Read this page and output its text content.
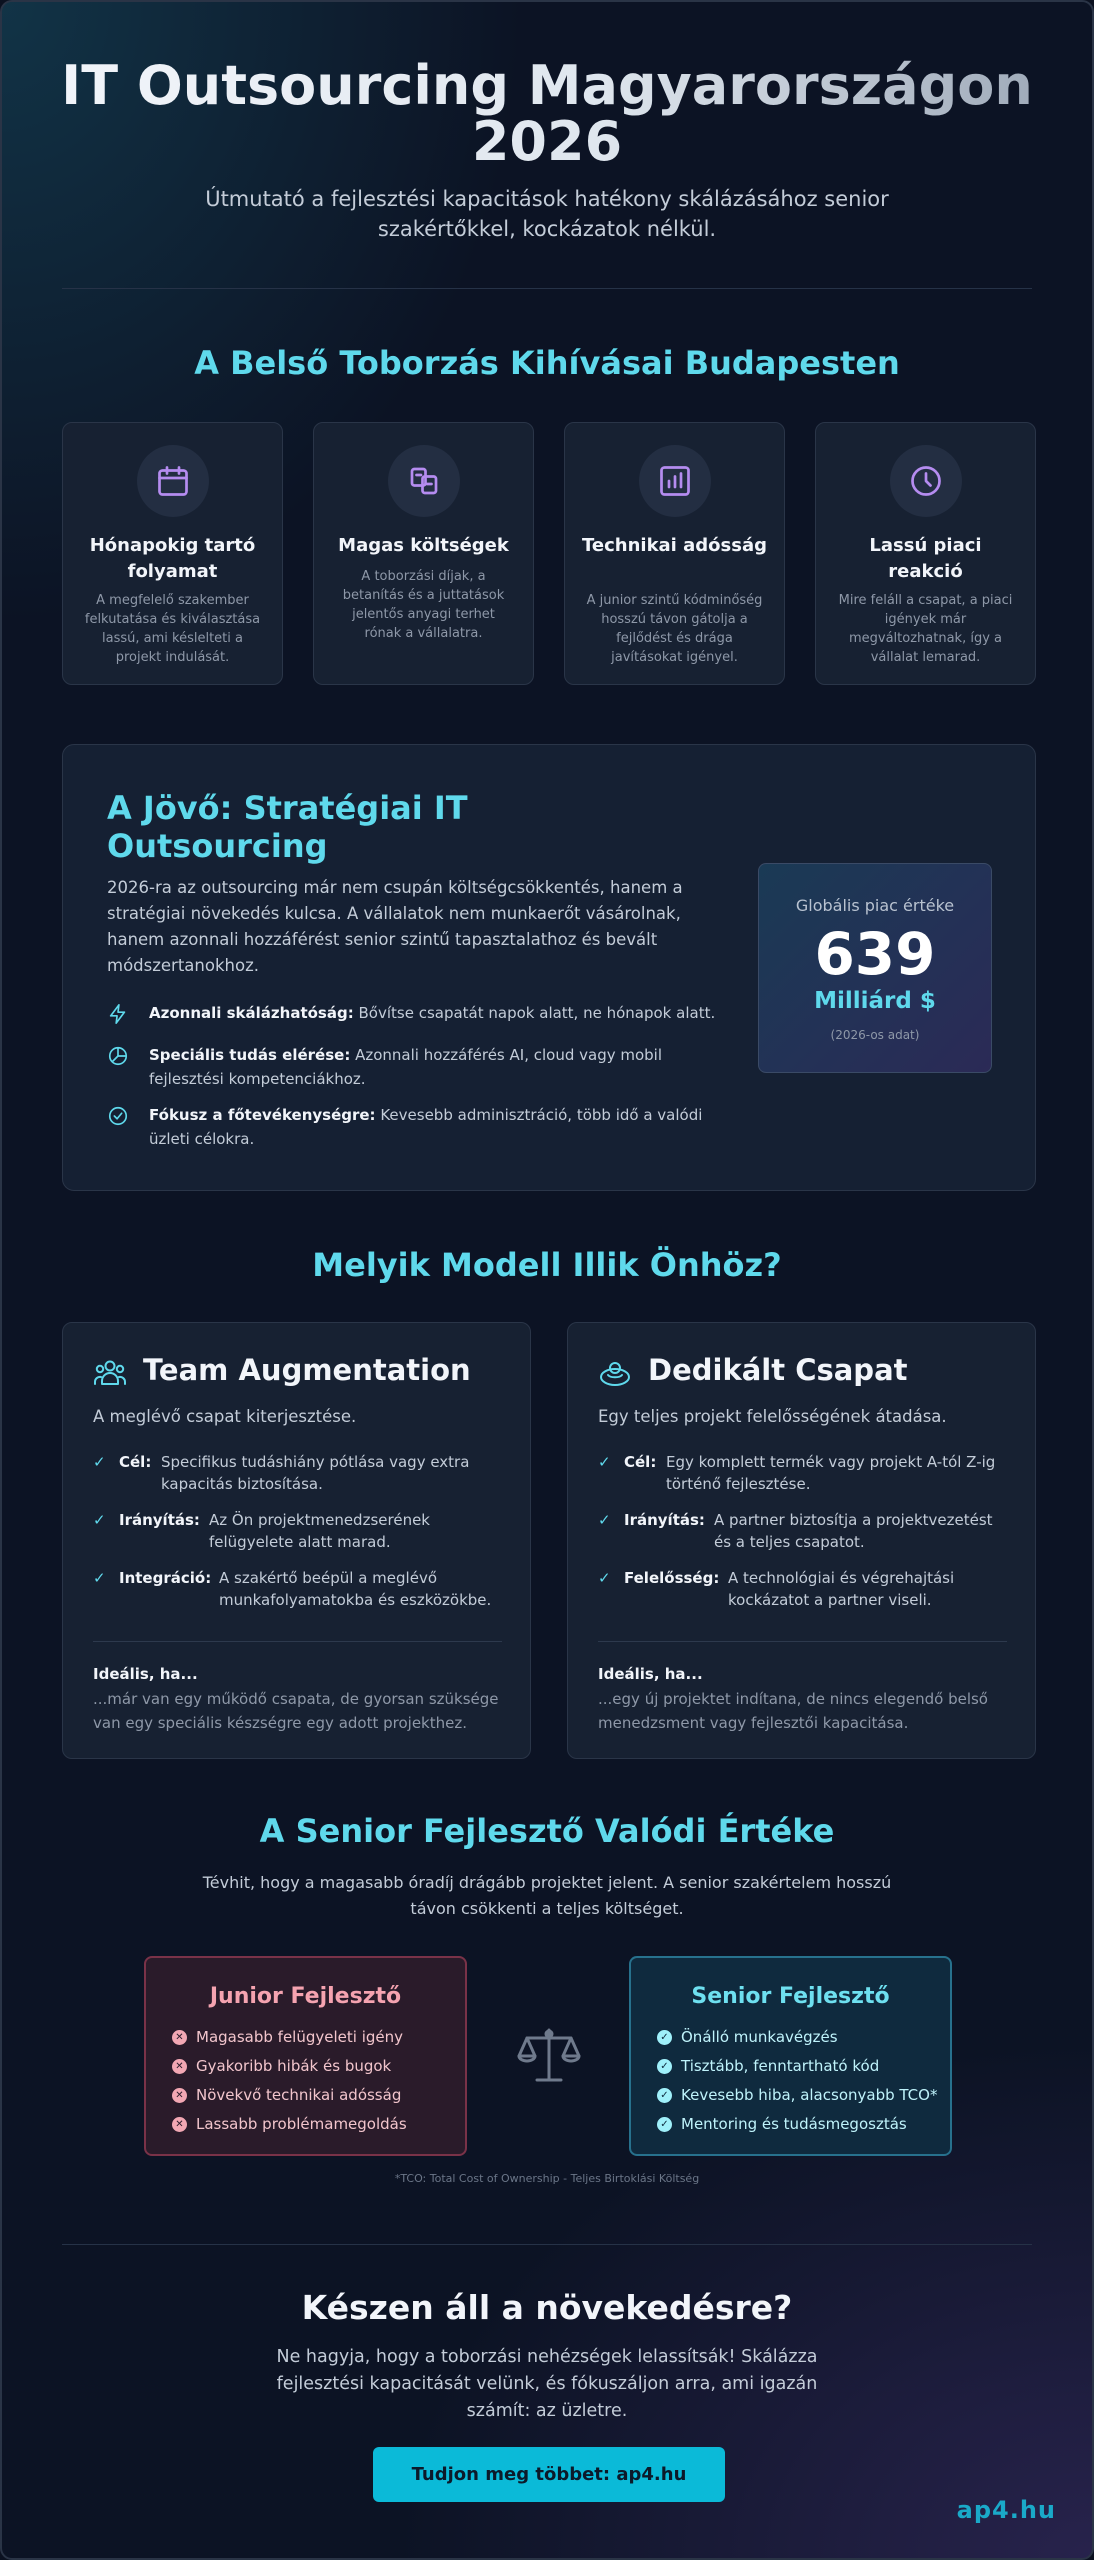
IT Outsourcing Magyarországon 2026

Útmutató a fejlesztési kapacitások hatékony skálázásához senior szakértőkkel, kockázatok nélkül.

A Belső Toborzás Kihívásai Budapesten
Hónapokig tartó folyamat
A megfelelő szakember felkutatása és kiválasztása lassú, ami késlelteti a projekt indulását.
Magas költségek
A toborzási díjak, a betanítás és a juttatások jelentős anyagi terhet rónak a vállalatra.
Technikai adósság
A junior szintű kódminőség hosszú távon gátolja a fejlődést és drága javításokat igényel.
Lassú piaci reakció
Mire feláll a csapat, a piaci igények már megváltozhatnak, így a vállalat lemarad.
A Jövő: Stratégiai IT Outsourcing

2026-ra az outsourcing már nem csupán költségcsökkentés, hanem a stratégiai növekedés kulcsa. A vállalatok nem munkaerőt vásárolnak, hanem azonnali hozzáférést senior szintű tapasztalathoz és bevált módszertanokhoz.

Azonnali skálázhatóság: Bővítse csapatát napok alatt, ne hónapok alatt.
Speciális tudás elérése: Azonnali hozzáférés AI, cloud vagy mobil fejlesztési kompetenciákhoz.
Fókusz a főtevékenységre: Kevesebb adminisztráció, több idő a valódi üzleti célokra.
Globális piac értéke
639
Milliárd $
(2026-os adat)
Melyik Modell Illik Önhöz?
Team Augmentation
A meglévő csapat kiterjesztése.
✓ Cél: Specifikus tudáshiány pótlása vagy extra kapacitás biztosítása.
✓ Irányítás: Az Ön projektmenedzserének felügyelete alatt marad.
✓ Integráció: A szakértő beépül a meglévő munkafolyamatokba és eszközökbe.
Ideális, ha...
...már van egy működő csapata, de gyorsan szüksége van egy speciális készségre egy adott projekthez.
Dedikált Csapat
Egy teljes projekt felelősségének átadása.
✓ Cél: Egy komplett termék vagy projekt A-tól Z-ig történő fejlesztése.
✓ Irányítás: A partner biztosítja a projektvezetést és a teljes csapatot.
✓ Felelősség: A technológiai és végrehajtási kockázatot a partner viseli.
Ideális, ha...
...egy új projektet indítana, de nincs elegendő belső menedzsment vagy fejlesztői kapacitása.
A Senior Fejlesztő Valódi Értéke

Tévhit, hogy a magasabb óradíj drágább projektet jelent. A senior szakértelem hosszú távon csökkenti a teljes költséget.

Junior Fejlesztő
✕ Magasabb felügyeleti igény
✕ Gyakoribb hibák és bugok
✕ Növekvő technikai adósság
✕ Lassabb problémamegoldás
Senior Fejlesztő
✓ Önálló munkavégzés
✓ Tisztább, fenntartható kód
✓ Kevesebb hiba, alacsonyabb TCO*
✓ Mentoring és tudásmegosztás
*TCO: Total Cost of Ownership - Teljes Birtoklási Költség
Készen áll a növekedésre?

Ne hagyja, hogy a toborzási nehézségek lelassítsák! Skálázza fejlesztési kapacitását velünk, és fókuszáljon arra, ami igazán számít: az üzletre.

Tudjon meg többet: ap4.hu
ap4.hu
